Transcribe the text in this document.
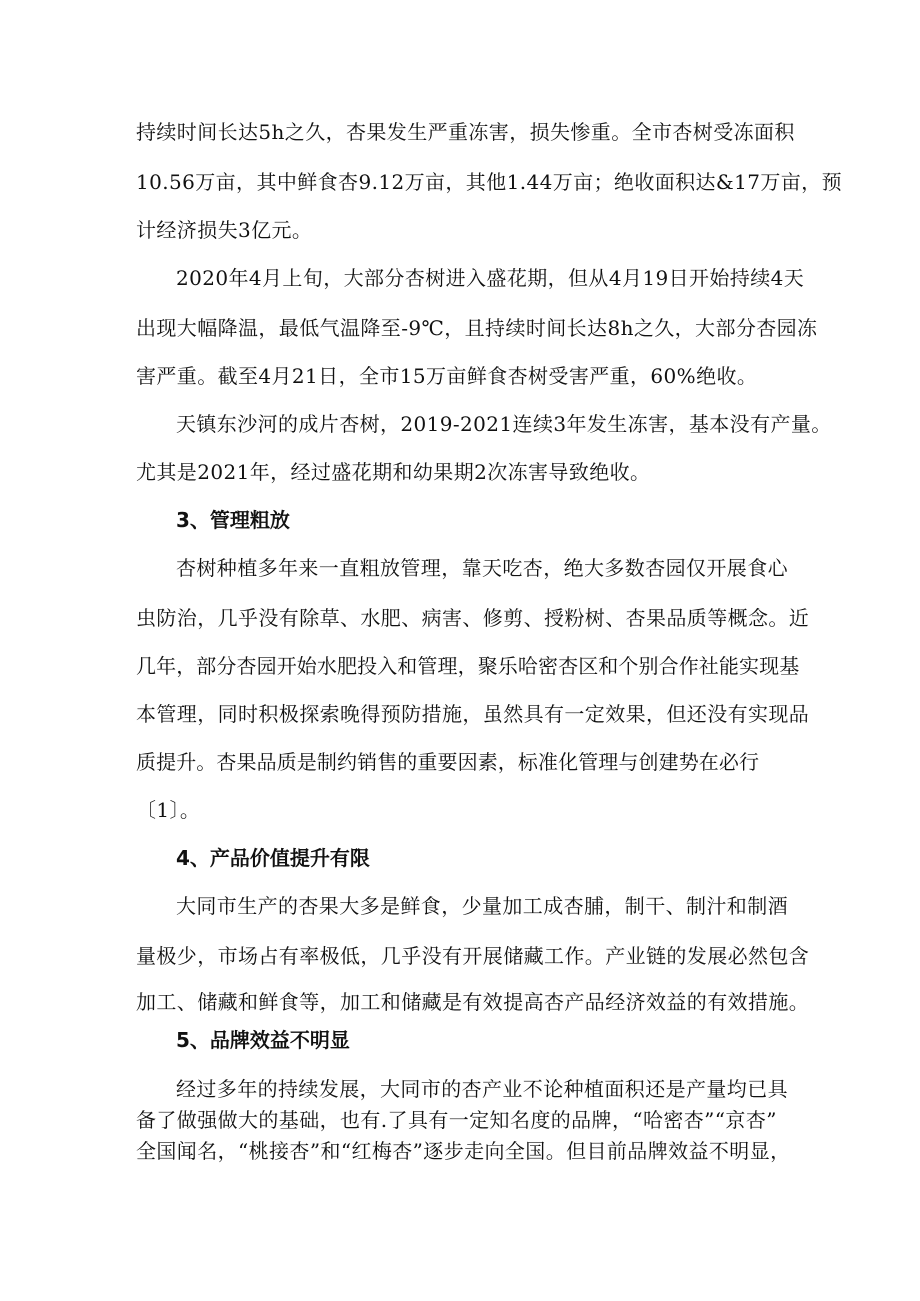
持续时间长达5h之久，杏果发生严重冻害，损失惨重。全市杏树受冻面积
10.56万亩，其中鲜食杏9.12万亩，其他1.44万亩；绝收面积达&17万亩，预
计经济损失3亿元。
2020年4月上旬，大部分杏树进入盛花期，但从4月19日开始持续4天
出现大幅降温，最低气温降至-9℃，且持续时间长达8h之久，大部分杏园冻
害严重。截至4月21日，全市15万亩鲜食杏树受害严重，60%绝收。
天镇东沙河的成片杏树，2019-2021连续3年发生冻害，基本没有产量。
尤其是2021年，经过盛花期和幼果期2次冻害导致绝收。
3、管理粗放
杏树种植多年来一直粗放管理，靠天吃杏，绝大多数杏园仅开展食心
虫防治，几乎没有除草、水肥、病害、修剪、授粉树、杏果品质等概念。近
几年，部分杏园开始水肥投入和管理，聚乐哈密杏区和个别合作社能实现基
本管理，同时积极探索晚得预防措施，虽然具有一定效果，但还没有实现品
质提升。杏果品质是制约销售的重要因素，标准化管理与创建势在必行
〔1〕。
4、产品价值提升有限
大同市生产的杏果大多是鲜食，少量加工成杏脯，制干、制汁和制酒
量极少，市场占有率极低，几乎没有开展储藏工作。产业链的发展必然包含
加工、储藏和鲜食等，加工和储藏是有效提高杏产品经济效益的有效措施。
5、品牌效益不明显
经过多年的持续发展，大同市的杏产业不论种植面积还是产量均已具
备了做强做大的基础，也有.了具有一定知名度的品牌，“哈密杏”“京杏”
全国闻名，“桃接杏”和“红梅杏”逐步走向全国。但目前品牌效益不明显，
